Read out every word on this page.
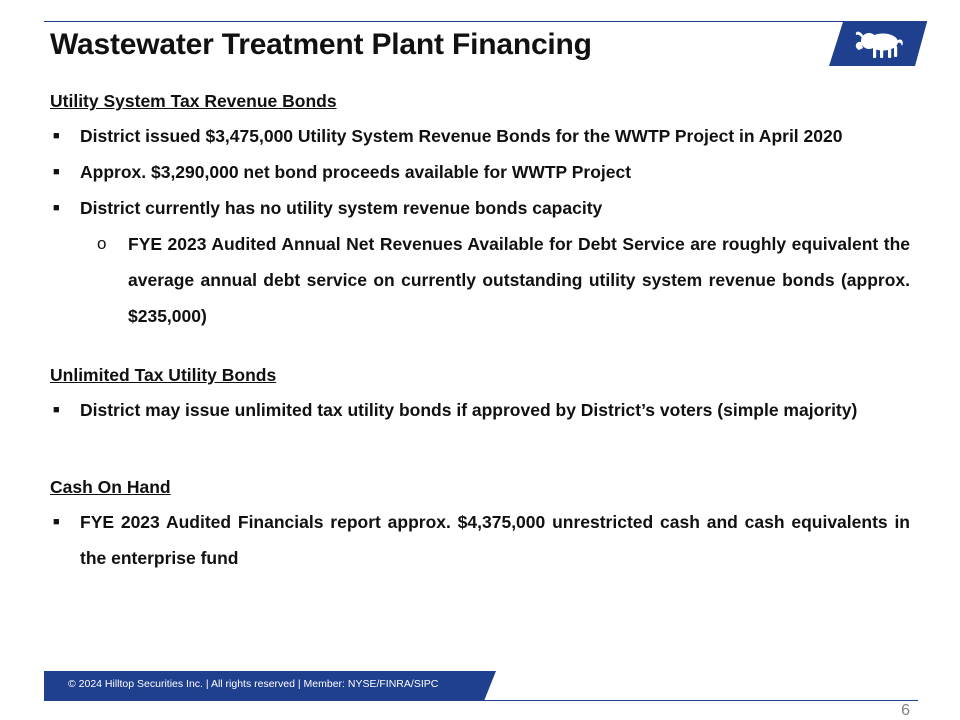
Wastewater Treatment Plant Financing
Utility System Tax Revenue Bonds
■ District issued $3,475,000 Utility System Revenue Bonds for the WWTP Project in April 2020
■ Approx. $3,290,000 net bond proceeds available for WWTP Project
■ District currently has no utility system revenue bonds capacity
o FYE 2023 Audited Annual Net Revenues Available for Debt Service are roughly equivalent the average annual debt service on currently outstanding utility system revenue bonds (approx. $235,000)
Unlimited Tax Utility Bonds
■ District may issue unlimited tax utility bonds if approved by District’s voters (simple majority)
Cash On Hand
■ FYE 2023 Audited Financials report approx. $4,375,000 unrestricted cash and cash equivalents in the enterprise fund
© 2024 Hilltop Securities Inc. | All rights reserved | Member: NYSE/FINRA/SIPC
6
